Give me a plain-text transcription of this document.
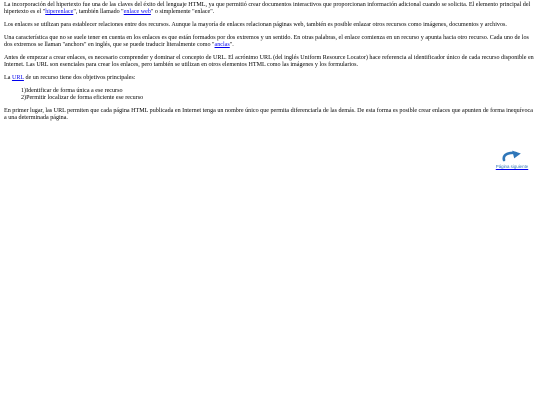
La incorporación del hipertexto fue una de las claves del éxito del lenguaje HTML, ya que permitió crear documentos interactivos que proporcionan información adicional cuando se solicita. El elemento principal del hipertexto es el "hiperenlace", también llamado "enlace web" o simplemente "enlace".

Los enlaces se utilizan para establecer relaciones entre dos recursos. Aunque la mayoría de enlaces relacionan páginas web, también es posible enlazar otros recursos como imágenes, documentos y archivos.

Una característica que no se suele tener en cuenta en los enlaces es que están formados por dos extremos y un sentido. En otras palabras, el enlace comienza en un recurso y apunta hacia otro recurso. Cada uno de los dos extremos se llaman "anchors" en inglés, que se puede traducir literalmente como "anclas".

Antes de empezar a crear enlaces, es necesario comprender y dominar el concepto de URL. El acrónimo URL (del inglés Uniform Resource Locator) hace referencia al identificador único de cada recurso disponible en Internet. Las URL son esenciales para crear los enlaces, pero también se utilizan en otros elementos HTML como las imágenes y los formularios.

La URL de un recurso tiene dos objetivos principales:

1)Identificar de forma única a ese recurso
2)Permitir localizar de forma eficiente ese recurso

En primer lugar, las URL permiten que cada página HTML publicada en Internet tenga un nombre único que permita diferenciarla de las demás. De esta forma es posible crear enlaces que apunten de forma inequívoca a una determinada página.

Página siguiente
